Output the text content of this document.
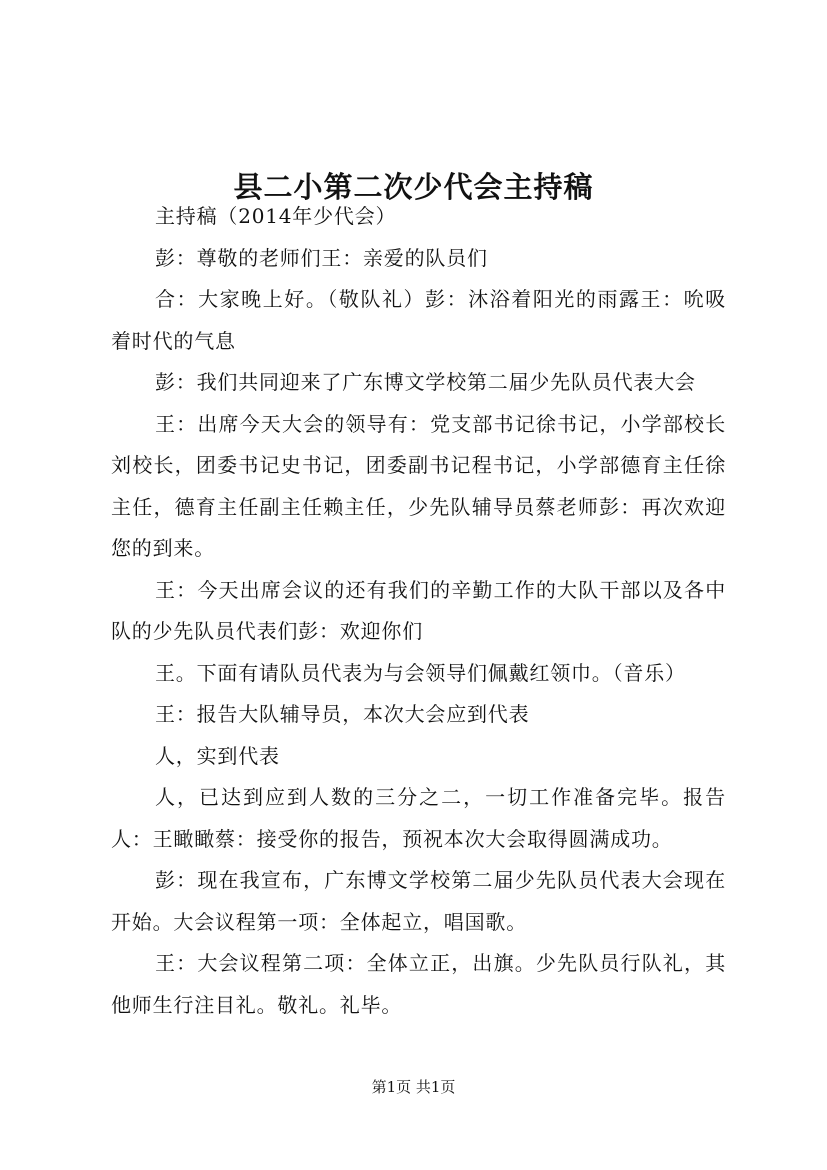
县二小第二次少代会主持稿

主持稿（2014年少代会）

彭：尊敬的老师们王：亲爱的队员们

合：大家晚上好。（敬队礼）彭：沐浴着阳光的雨露王：吮吸着时代的气息

彭：我们共同迎来了广东博文学校第二届少先队员代表大会

王：出席今天大会的领导有：党支部书记徐书记，小学部校长刘校长，团委书记史书记，团委副书记程书记，小学部德育主任徐主任，德育主任副主任赖主任，少先队辅导员蔡老师彭：再次欢迎您的到来。

王：今天出席会议的还有我们的辛勤工作的大队干部以及各中队的少先队员代表们彭：欢迎你们

王。下面有请队员代表为与会领导们佩戴红领巾。（音乐）

王：报告大队辅导员，本次大会应到代表

人，实到代表

人，已达到应到人数的三分之二，一切工作准备完毕。报告人：王瞰瞰蔡：接受你的报告，预祝本次大会取得圆满成功。

彭：现在我宣布，广东博文学校第二届少先队员代表大会现在开始。大会议程第一项：全体起立，唱国歌。

王：大会议程第二项：全体立正，出旗。少先队员行队礼，其他师生行注目礼。敬礼。礼毕。

第1页 共1页
